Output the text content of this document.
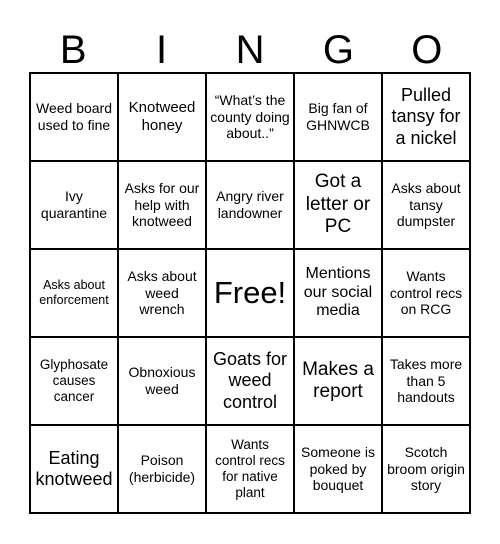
B	I	N	G	O
Weed board used to fine
Knotweed honey
“What’s the county doing about..”
Big fan of GHNWCB
Pulled tansy for a nickel
Ivy quarantine
Asks for our help with knotweed
Angry river landowner
Got a letter or PC
Asks about tansy dumpster
Asks about enforcement
Asks about weed wrench Free!
Mentions our social media
Wants control recs on RCG
Glyphosate causes cancer
Obnoxious weed
Goats for weed control
Makes a report
Takes more than 5 handouts
Eating knotweed
Poison (herbicide)
Wants control recs for native plant
Someone is poked by bouquet
Scotch broom origin story
